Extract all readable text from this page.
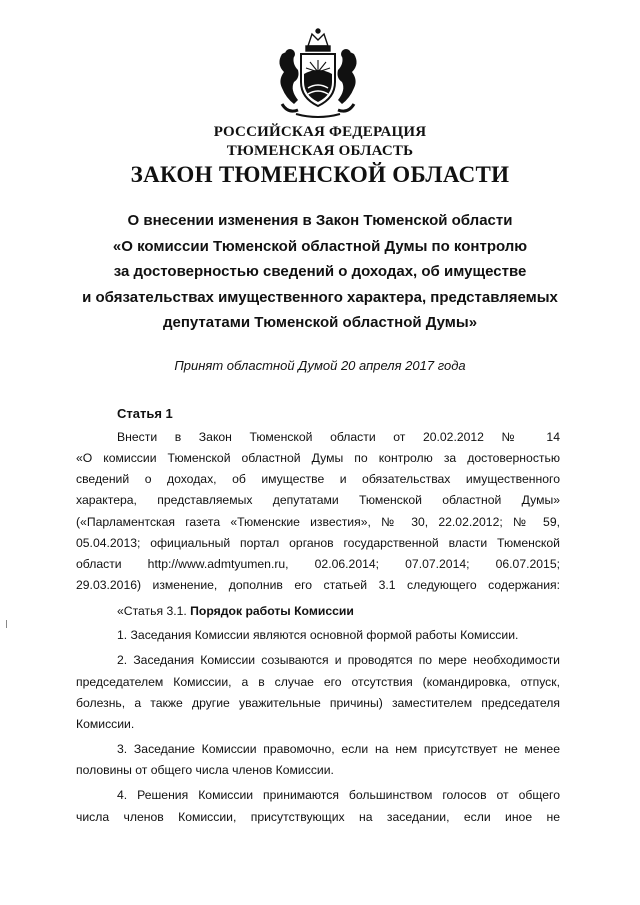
РОССИЙСКАЯ ФЕДЕРАЦИЯ
ТЮМЕНСКАЯ ОБЛАСТЬ
ЗАКОН ТЮМЕНСКОЙ ОБЛАСТИ
О внесении изменения в Закон Тюменской области
«О комиссии Тюменской областной Думы по контролю
за достоверностью сведений о доходах, об имуществе
и обязательствах имущественного характера, представляемых
депутатами Тюменской областной Думы»
Принят областной Думой 20 апреля 2017 года
Статья 1
Внести в Закон Тюменской области от 20.02.2012 № 14
«О комиссии Тюменской областной Думы по контролю за достоверностью
сведений о доходах, об имуществе и обязательствах имущественного
характера, представляемых депутатами Тюменской областной Думы»
(«Парламентская газета «Тюменские известия», № 30, 22.02.2012; № 59,
05.04.2013; официальный портал органов государственной власти Тюменской
области http://www.admtyumen.ru, 02.06.2014; 07.07.2014; 06.07.2015;
29.03.2016) изменение, дополнив его статьей 3.1 следующего содержания:
«Статья 3.1. Порядок работы Комиссии
1. Заседания Комиссии являются основной формой работы Комиссии.
2. Заседания Комиссии созываются и проводятся по мере необходимости
председателем Комиссии, а в случае его отсутствия (командировка, отпуск,
болезнь, а также другие уважительные причины) заместителем председателя
Комиссии.
3. Заседание Комиссии правомочно, если на нем присутствует не менее
половины от общего числа членов Комиссии.
4. Решения Комиссии принимаются большинством голосов от общего
числа членов Комиссии, присутствующих на заседании, если иное не
